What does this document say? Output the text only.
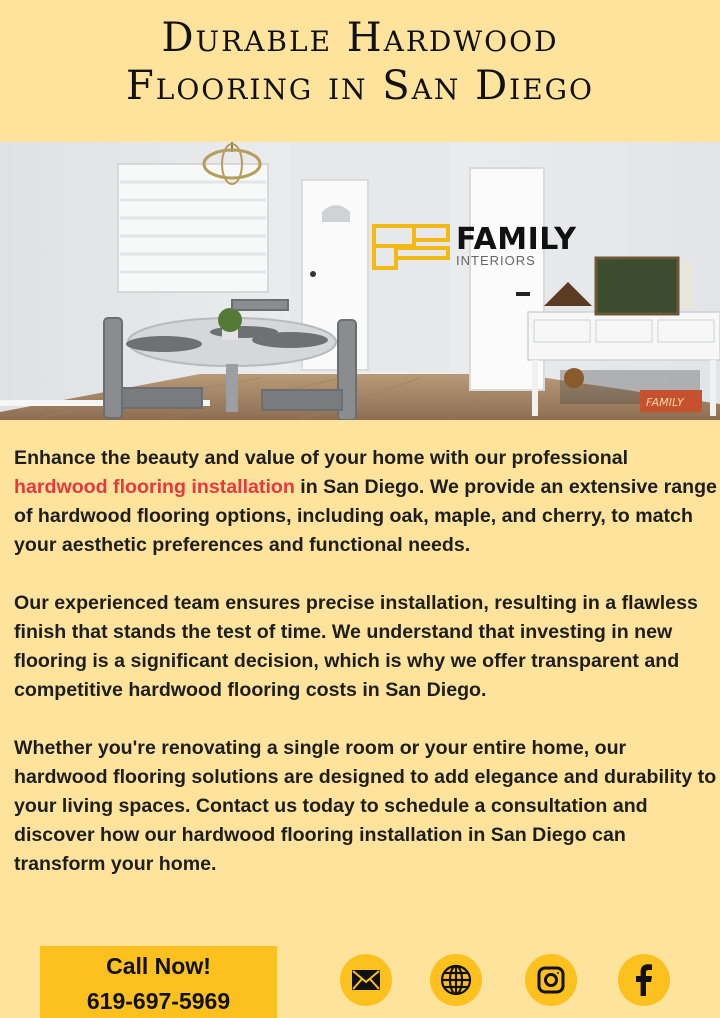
Durable Hardwood
Flooring in San Diego
FAMILY
FAMILY
INTERIORS

Enhance the beauty and value of your home with our professional hardwood flooring installation in San Diego. We provide an extensive range of hardwood flooring options, including oak, maple, and cherry, to match your aesthetic preferences and functional needs.

Our experienced team ensures precise installation, resulting in a flawless finish that stands the test of time. We understand that investing in new flooring is a significant decision, which is why we offer transparent and competitive hardwood flooring costs in San Diego.

Whether you're renovating a single room or your entire home, our hardwood flooring solutions are designed to add elegance and durability to your living spaces. Contact us today to schedule a consultation and discover how our hardwood flooring installation in San Diego can transform your home.

Call Now!
619-697-5969
